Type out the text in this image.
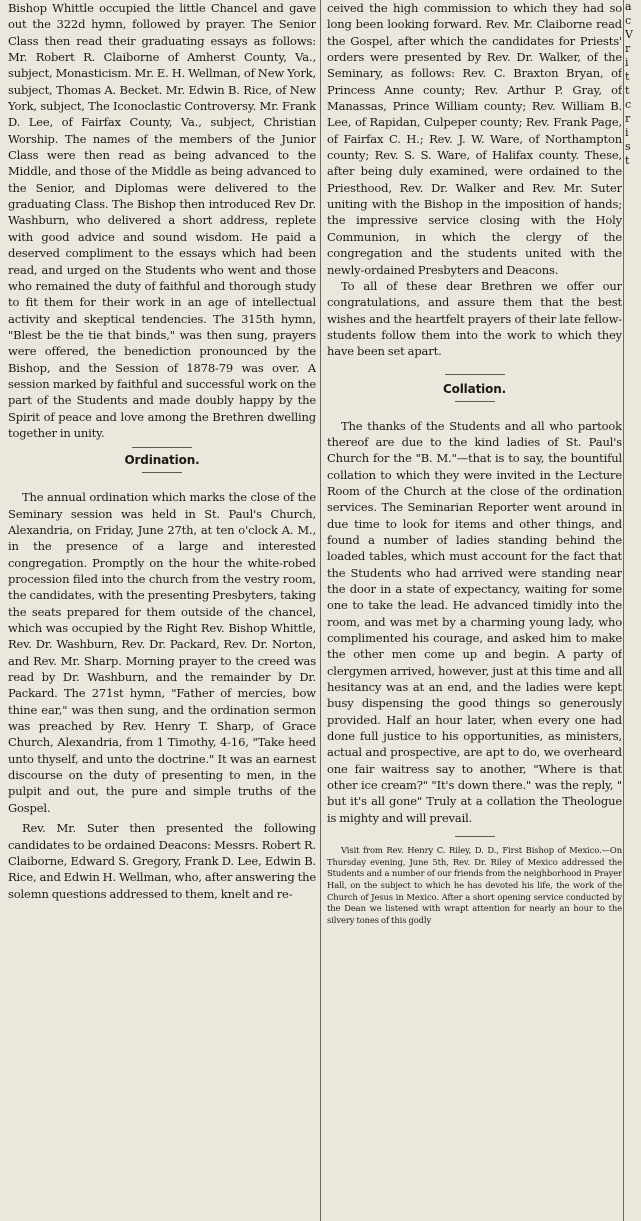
Bishop Whittle occupied the little Chancel and gave out the 322d hymn, followed by prayer. The Senior Class then read their graduating essays as follows: Mr. Robert R. Claiborne of Amherst County, Va., subject, Monasticism. Mr. E. H. Wellman, of New York, subject, Thomas A. Becket. Mr. Edwin B. Rice, of New York, subject, The Iconoclastic Controversy. Mr. Frank D. Lee, of Fairfax County, Va., subject, Christian Worship. The names of the members of the Junior Class were then read as being advanced to the Middle, and those of the Middle as being advanced to the Senior, and Diplomas were delivered to the graduating Class. The Bishop then introduced Rev Dr. Washburn, who delivered a short address, replete with good advice and sound wisdom. He paid a deserved compliment to the essays which had been read, and urged on the Students who went and those who remained the duty of faithful and thorough study to fit them for their work in an age of intellectual activity and skeptical tendencies. The 315th hymn, "Blest be the tie that binds," was then sung, prayers were offered, the benediction pronounced by the Bishop, and the Session of 1878-79 was over. A session marked by faithful and successful work on the part of the Students and made doubly happy by the Spirit of peace and love among the Brethren dwelling together in unity.

Ordination.

The annual ordination which marks the close of the Seminary session was held in St. Paul's Church, Alexandria, on Friday, June 27th, at ten o'clock A. M., in the presence of a large and interested congregation. Promptly on the hour the white-robed procession filed into the church from the vestry room, the candidates, with the presenting Presbyters, taking the seats prepared for them outside of the chancel, which was occupied by the Right Rev. Bishop Whittle, Rev. Dr. Washburn, Rev. Dr. Packard, Rev. Dr. Norton, and Rev. Mr. Sharp. Morning prayer to the creed was read by Dr. Washburn, and the remainder by Dr. Packard. The 271st hymn, "Father of mercies, bow thine ear," was then sung, and the ordination sermon was preached by Rev. Henry T. Sharp, of Grace Church, Alexandria, from 1 Timothy, 4-16, "Take heed unto thyself, and unto the doctrine." It was an earnest discourse on the duty of presenting to men, in the pulpit and out, the pure and simple truths of the Gospel.

Rev. Mr. Suter then presented the following candidates to be ordained Deacons: Messrs. Robert R. Claiborne, Edward S. Gregory, Frank D. Lee, Edwin B. Rice, and Edwin H. Wellman, who, after answering the solemn questions addressed to them, knelt and re-

ceived the high commission to which they had so long been looking forward. Rev. Mr. Claiborne read the Gospel, after which the candidates for Priests' orders were presented by Rev. Dr. Walker, of the Seminary, as follows: Rev. C. Braxton Bryan, of Princess Anne county; Rev. Arthur P. Gray, of Manassas, Prince William county; Rev. William B. Lee, of Rapidan, Culpeper county; Rev. Frank Page, of Fairfax C. H.; Rev. J. W. Ware, of Northampton county; Rev. S. S. Ware, of Halifax county. These, after being duly examined, were ordained to the Priesthood, Rev. Dr. Walker and Rev. Mr. Suter uniting with the Bishop in the imposition of hands; the impressive service closing with the Holy Communion, in which the clergy of the congregation and the students united with the newly-ordained Presbyters and Deacons.

To all of these dear Brethren we offer our congratulations, and assure them that the best wishes and the heartfelt prayers of their late fellow-students follow them into the work to which they have been set apart.

Collation.

The thanks of the Students and all who partook thereof are due to the kind ladies of St. Paul's Church for the "B. M."—that is to say, the bountiful collation to which they were invited in the Lecture Room of the Church at the close of the ordination services. The Seminarian Reporter went around in due time to look for items and other things, and found a number of ladies standing behind the loaded tables, which must account for the fact that the Students who had arrived were standing near the door in a state of expectancy, waiting for some one to take the lead. He advanced timidly into the room, and was met by a charming young lady, who complimented his courage, and asked him to make the other men come up and begin. A party of clergymen arrived, however, just at this time and all hesitancy was at an end, and the ladies were kept busy dispensing the good things so generously provided. Half an hour later, when every one had done full justice to his opportunities, as ministers, actual and prospective, are apt to do, we overheard one fair waitress say to another, "Where is that other ice cream?" "It's down there." was the reply, " but it's all gone" Truly at a collation the Theologue is mighty and will prevail.

Visit from Rev. Henry C. Riley, D. D., First Bishop of Mexico.—On Thursday evening, June 5th, Rev. Dr. Riley of Mexico addressed the Students and a number of our friends from the neighborhood in Prayer Hall, on the subject to which he has devoted his life, the work of the Church of Jesus in Mexico. After a short opening service conducted by the Dean we listened with wrapt attention for nearly an hour to the silvery tones of this godly

a
c
V
r
i
t
t
c
r
i
s
t
